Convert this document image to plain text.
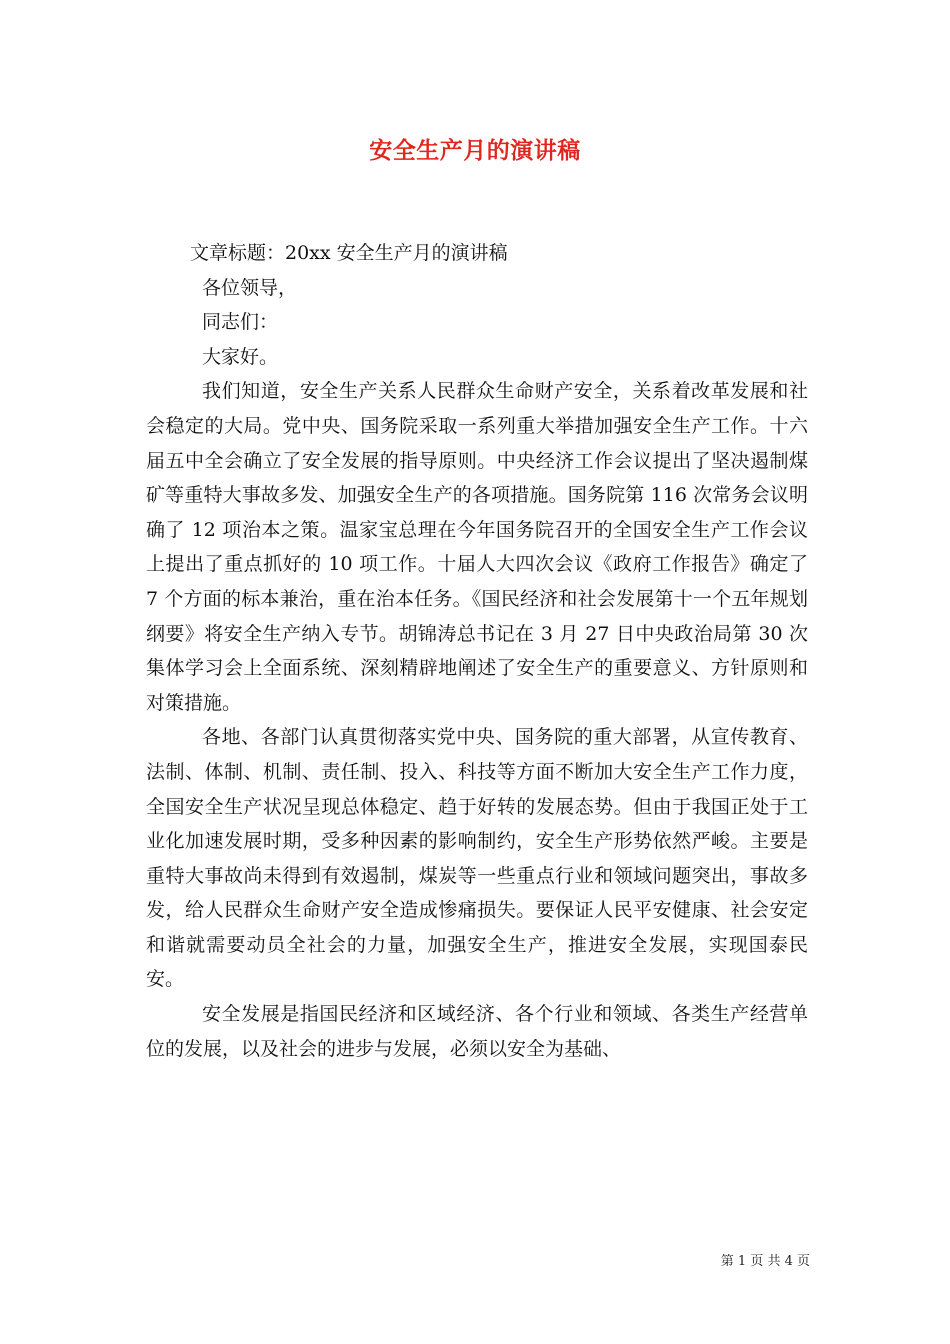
安全生产月的演讲稿

文章标题：20xx 安全生产月的演讲稿

各位领导，

同志们：

大家好。

我们知道，安全生产关系人民群众生命财产安全，关系着改革发展和社会稳定的大局。党中央、国务院采取一系列重大举措加强安全生产工作。十六届五中全会确立了安全发展的指导原则。中央经济工作会议提出了坚决遏制煤矿等重特大事故多发、加强安全生产的各项措施。国务院第 116 次常务会议明确了 12 项治本之策。温家宝总理在今年国务院召开的全国安全生产工作会议上提出了重点抓好的 10 项工作。十届人大四次会议《政府工作报告》确定了 7 个方面的标本兼治，重在治本任务。《国民经济和社会发展第十一个五年规划纲要》将安全生产纳入专节。胡锦涛总书记在 3 月 27 日中央政治局第 30 次集体学习会上全面系统、深刻精辟地阐述了安全生产的重要意义、方针原则和对策措施。

各地、各部门认真贯彻落实党中央、国务院的重大部署，从宣传教育、法制、体制、机制、责任制、投入、科技等方面不断加大安全生产工作力度，全国安全生产状况呈现总体稳定、趋于好转的发展态势。但由于我国正处于工业化加速发展时期，受多种因素的影响制约，安全生产形势依然严峻。主要是重特大事故尚未得到有效遏制，煤炭等一些重点行业和领域问题突出，事故多发，给人民群众生命财产安全造成惨痛损失。要保证人民平安健康、社会安定和谐就需要动员全社会的力量，加强安全生产，推进安全发展，实现国泰民安。

安全发展是指国民经济和区域经济、各个行业和领域、各类生产经营单位的发展，以及社会的进步与发展，必须以安全为基础、

第 1 页 共 4 页
